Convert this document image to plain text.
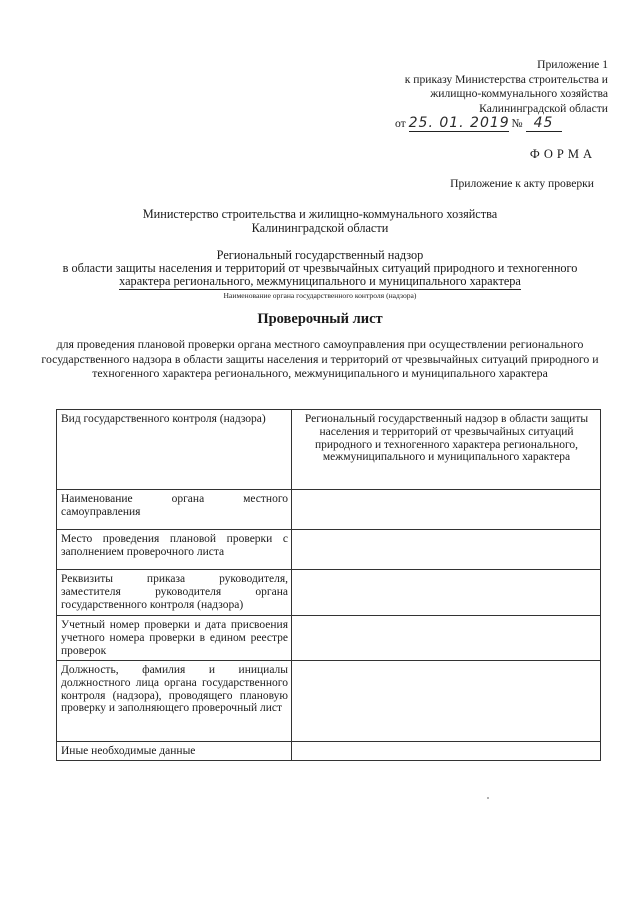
Приложение 1
к приказу Министерства строительства и
жилищно-коммунального хозяйства
Калининградской области
от 25. 01. 2019 № 45
ФОРМА
Приложение к акту проверки
Министерство строительства и жилищно-коммунального хозяйства
Калининградской области
Региональный государственный надзор
в области защиты населения и территорий от чрезвычайных ситуаций природного и техногенного
характера регионального, межмуниципального и муниципального характера
Наименование органа государственного контроля (надзора)
Проверочный лист
для проведения плановой проверки органа местного самоуправления при осуществлении регионального государственного надзора в области защиты населения и территорий от чрезвычайных ситуаций природного и техногенного характера регионального, межмуниципального и муниципального характера
Вид государственного контроля (надзора)	Региональный государственный надзор в области защиты населения и территорий от чрезвычайных ситуаций природного и техногенного характера регионального, межмуниципального и муниципального характера
Наименование органа местного самоуправления	
Место проведения плановой проверки с заполнением проверочного листа	
Реквизиты приказа руководителя, заместителя руководителя органа государственного контроля (надзора)	
Учетный номер проверки и дата присвоения учетного номера проверки в едином реестре проверок	
Должность, фамилия и инициалы должностного лица органа государственного контроля (надзора), проводящего плановую проверку и заполняющего проверочный лист	
Иные необходимые данные	
